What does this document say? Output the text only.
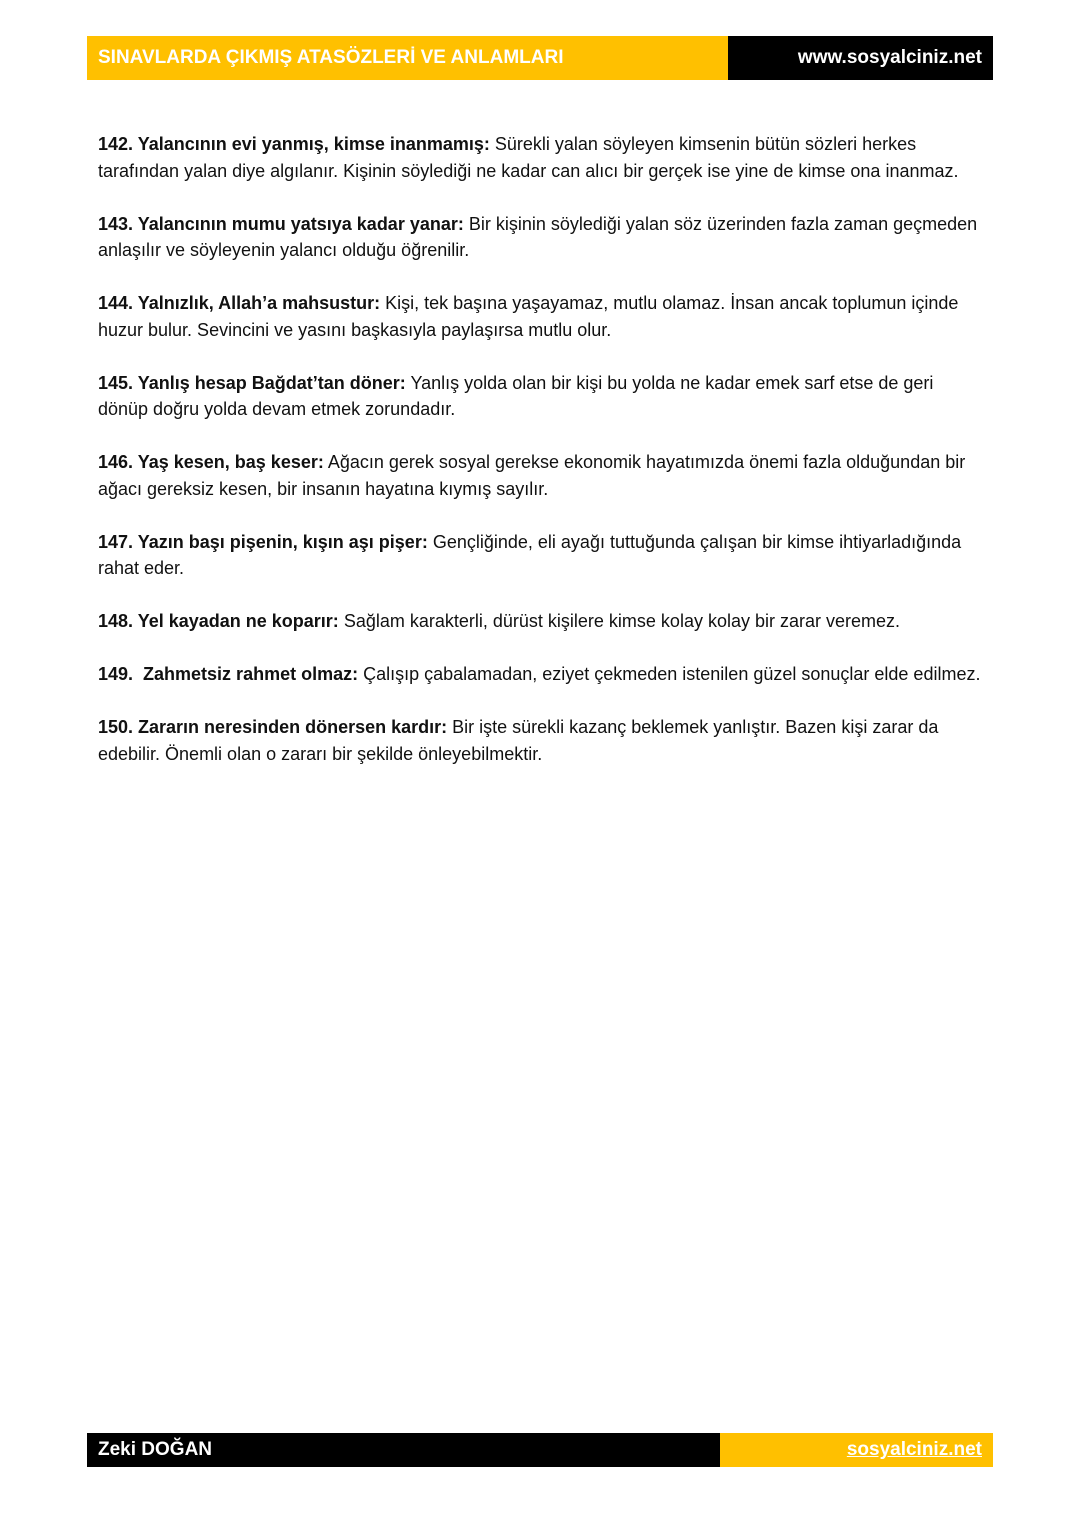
SINAVLARDA ÇIKMIŞ ATASÖZLERİ VE ANLAMLARI	www.sosyalciniz.net

142. Yalancının evi yanmış, kimse inanmamış: Sürekli yalan söyleyen kimsenin bütün sözleri herkes tarafından yalan diye algılanır. Kişinin söylediği ne kadar can alıcı bir gerçek ise yine de kimse ona inanmaz.

143. Yalancının mumu yatsıya kadar yanar: Bir kişinin söylediği yalan söz üzerinden fazla zaman geçmeden anlaşılır ve söyleyenin yalancı olduğu öğrenilir.

144. Yalnızlık, Allah’a mahsustur: Kişi, tek başına yaşayamaz, mutlu olamaz. İnsan ancak toplumun içinde huzur bulur. Sevincini ve yasını başkasıyla paylaşırsa mutlu olur.

145. Yanlış hesap Bağdat’tan döner: Yanlış yolda olan bir kişi bu yolda ne kadar emek sarf etse de geri dönüp doğru yolda devam etmek zorundadır.

146. Yaş kesen, baş keser: Ağacın gerek sosyal gerekse ekonomik hayatımızda önemi fazla olduğundan bir ağacı gereksiz kesen, bir insanın hayatına kıymış sayılır.

147. Yazın başı pişenin, kışın aşı pişer: Gençliğinde, eli ayağı tuttuğunda çalışan bir kimse ihtiyarladığında rahat eder.

148. Yel kayadan ne koparır: Sağlam karakterli, dürüst kişilere kimse kolay kolay bir zarar veremez.

149.  Zahmetsiz rahmet olmaz: Çalışıp çabalamadan, eziyet çekmeden istenilen güzel sonuçlar elde edilmez.

150. Zararın neresinden dönersen kardır: Bir işte sürekli kazanç beklemek yanlıştır. Bazen kişi zarar da edebilir. Önemli olan o zararı bir şekilde önleyebilmektir.

Zeki DOĞAN	sosyalciniz.net
